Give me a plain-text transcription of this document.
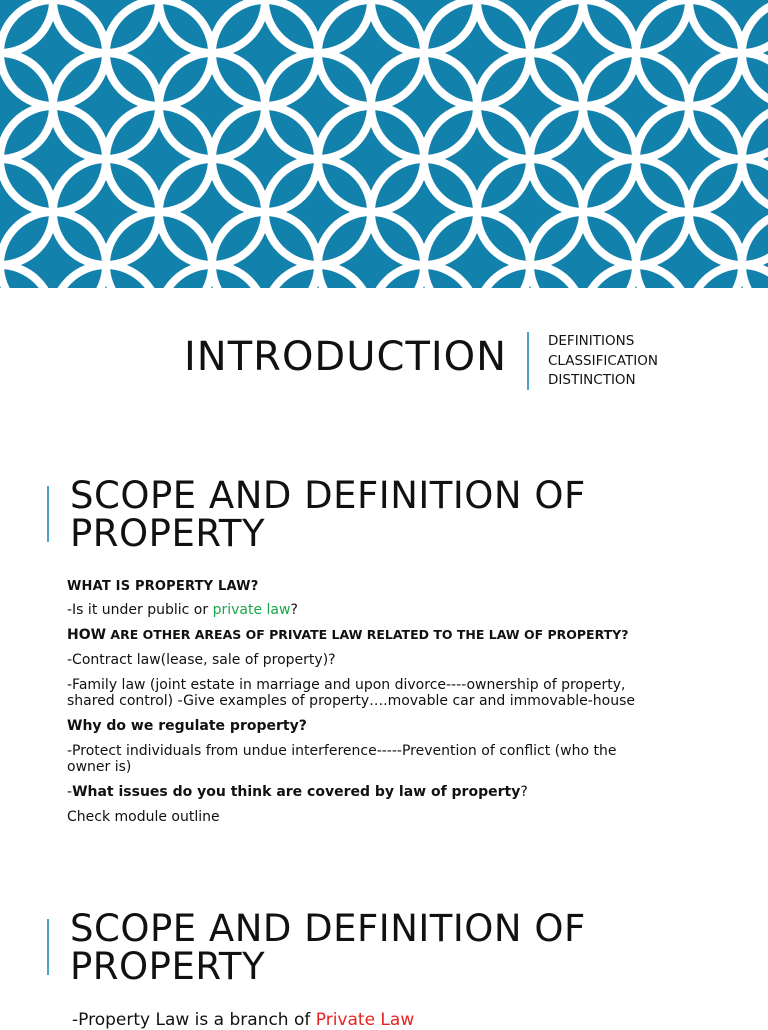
INTRODUCTION	DEFINITIONS
CLASSIFICATION
DISTINCTION
SCOPE AND DEFINITION OF
PROPERTY
WHAT IS PROPERTY LAW?
-Is it under public or private law?
HOW ARE OTHER AREAS OF PRIVATE LAW RELATED TO THE LAW OF PROPERTY?
-Contract law(lease, sale of property)?
-Family law (joint estate in marriage and upon divorce----ownership of property,
shared control) -Give examples of property….movable car and immovable-house
Why do we regulate property?
-Protect individuals from undue interference-----Prevention of conflict (who the
owner is)
-What issues do you think are covered by law of property?
Check module outline
SCOPE AND DEFINITION OF
PROPERTY
-Property Law is a branch of Private Law
